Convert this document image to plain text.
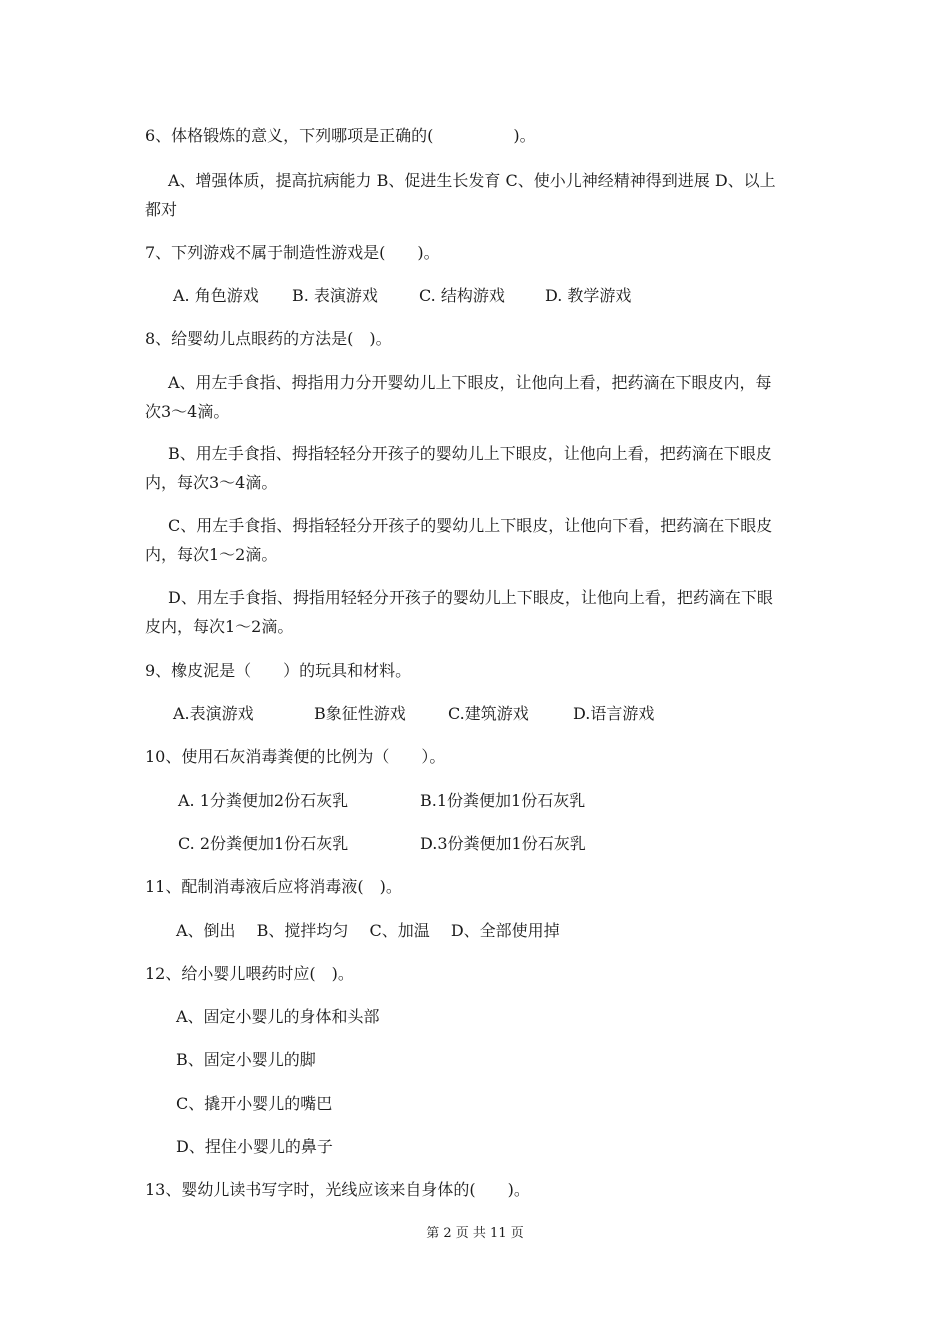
6、体格锻炼的意义，下列哪项是正确的(　　　　　)。
A、增强体质，提高抗病能力 B、促进生长发育 C、使小儿神经精神得到进展 D、以上
都对
7、下列游戏不属于制造性游戏是(　　)。
A. 角色游戏 B. 表演游戏	C. 结构游戏	D. 教学游戏
8、给婴幼儿点眼药的方法是(　)。
A、用左手食指、拇指用力分开婴幼儿上下眼皮，让他向上看，把药滴在下眼皮内，每
次3～4滴。
B、用左手食指、拇指轻轻分开孩子的婴幼儿上下眼皮，让他向上看，把药滴在下眼皮
内，每次3～4滴。
C、用左手食指、拇指轻轻分开孩子的婴幼儿上下眼皮，让他向下看，把药滴在下眼皮
内，每次1～2滴。
D、用左手食指、拇指用轻轻分开孩子的婴幼儿上下眼皮，让他向上看，把药滴在下眼
皮内，每次1～2滴。
9、橡皮泥是（　　）的玩具和材料。
A.表演游戏	B象征性游戏	C.建筑游戏	D.语言游戏
10、使用石灰消毒粪便的比例为（　　）。
A. 1分粪便加2份石灰乳	B.1份粪便加1份石灰乳
C. 2份粪便加1份石灰乳	D.3份粪便加1份石灰乳
11、配制消毒液后应将消毒液(　)。
A、倒出　 B、搅拌均匀　 C、加温　 D、全部使用掉
12、给小婴儿喂药时应(　)。
A、固定小婴儿的身体和头部
B、固定小婴儿的脚
C、撬开小婴儿的嘴巴
D、捏住小婴儿的鼻子
13、婴幼儿读书写字时，光线应该来自身体的(　　)。
第 2 页 共 11 页
